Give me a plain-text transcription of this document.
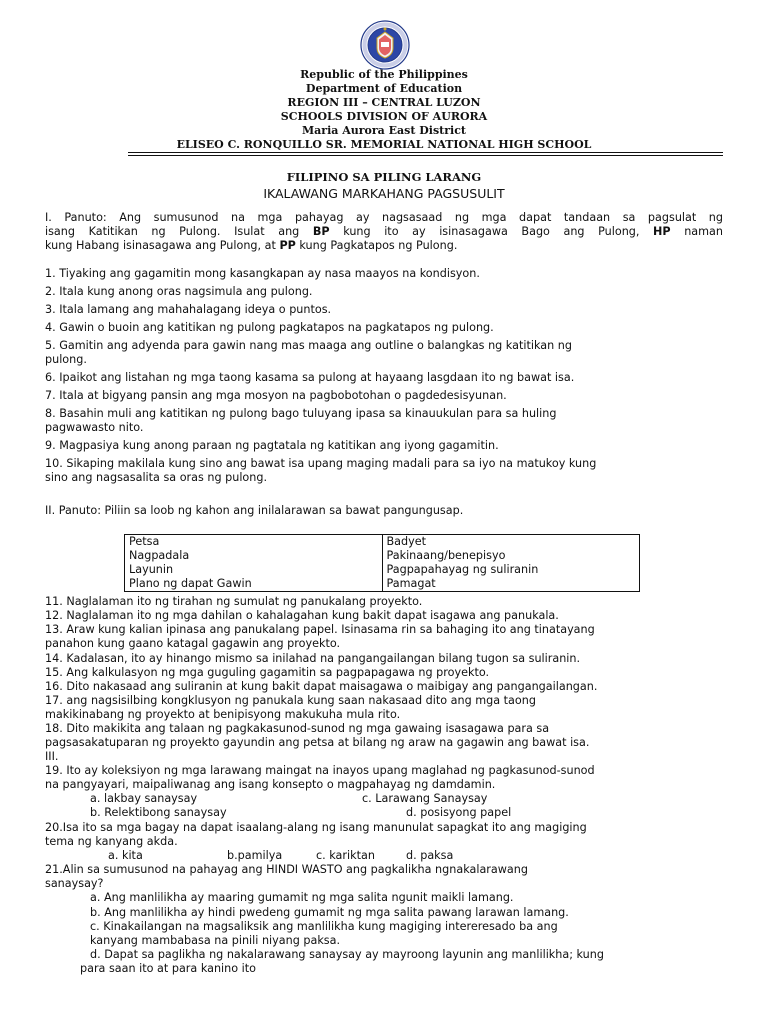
Republic of the Philippines
Department of Education
REGION III – CENTRAL LUZON
SCHOOLS DIVISION OF AURORA
Maria Aurora East District
ELISEO C. RONQUILLO SR. MEMORIAL NATIONAL HIGH SCHOOL
FILIPINO SA PILING LARANG
IKALAWANG MARKAHANG PAGSUSULIT
I. Panuto: Ang sumusunod na mga pahayag ay nagsasaad ng mga dapat tandaan sa pagsulat ng
isang Katitikan ng Pulong. Isulat ang BP kung ito ay isinasagawa Bago ang Pulong, HP naman
kung Habang isinasagawa ang Pulong, at PP kung Pagkatapos ng Pulong.
1. Tiyaking ang gagamitin mong kasangkapan ay nasa maayos na kondisyon.
2. Itala kung anong oras nagsimula ang pulong.
3. Itala lamang ang mahahalagang ideya o puntos.
4. Gawin o buoin ang katitikan ng pulong pagkatapos na pagkatapos ng pulong.
5. Gamitin ang adyenda para gawin nang mas maaga ang outline o balangkas ng katitikan ng
pulong.
6. Ipaikot ang listahan ng mga taong kasama sa pulong at hayaang lasgdaan ito ng bawat isa.
7. Itala at bigyang pansin ang mga mosyon na pagbobotohan o pagdedesisyunan.
8. Basahin muli ang katitikan ng pulong bago tuluyang ipasa sa kinauukulan para sa huling
pagwawasto nito.
9. Magpasiya kung anong paraan ng pagtatala ng katitikan ang iyong gagamitin.
10. Sikaping makilala kung sino ang bawat isa upang maging madali para sa iyo na matukoy kung
sino ang nagsasalita sa oras ng pulong.
II. Panuto: Piliin sa loob ng kahon ang inilalarawan sa bawat pangungusap.
Petsa	Badyet
Nagpadala	Pakinaang/benepisyo
Layunin	Pagpapahayag ng suliranin
Plano ng dapat Gawin	Pamagat
11. Naglalaman ito ng tirahan ng sumulat ng panukalang proyekto.
12. Naglalaman ito ng mga dahilan o kahalagahan kung bakit dapat isagawa ang panukala.
13. Araw kung kalian ipinasa ang panukalang papel. Isinasama rin sa bahaging ito ang tinatayang
panahon kung gaano katagal gagawin ang proyekto.
14. Kadalasan, ito ay hinango mismo sa inilahad na pangangailangan bilang tugon sa suliranin.
15. Ang kalkulasyon ng mga guguling gagamitin sa pagpapagawa ng proyekto.
16. Dito nakasaad ang suliranin at kung bakit dapat maisagawa o maibigay ang pangangailangan.
17. ang nagsisilbing kongklusyon ng panukala kung saan nakasaad dito ang mga taong
makikinabang ng proyekto at benipisyong makukuha mula rito.
18. Dito makikita ang talaan ng pagkakasunod-sunod ng mga gawaing isasagawa para sa
pagsasakatuparan ng proyekto gayundin ang petsa at bilang ng araw na gagawin ang bawat isa.
III.
19. Ito ay koleksiyon ng mga larawang maingat na inayos upang maglahad ng pagkasunod-sunod
na pangyayari, maipaliwanag ang isang konsepto o magpahayag ng damdamin.
a. lakbay sanaysay	c. Larawang Sanaysay
b. Relektibong sanaysay	d. posisyong papel
20.Isa ito sa mga bagay na dapat isaalang-alang ng isang manunulat sapagkat ito ang magiging
tema ng kanyang akda.
a. kita	b.pamilya	c. kariktan	d. paksa
21.Alin sa sumusunod na pahayag ang HINDI WASTO ang pagkalikha ngnakalarawang
sanaysay?
a. Ang manlilikha ay maaring gumamit ng mga salita ngunit maikli lamang.
b. Ang manlilikha ay hindi pwedeng gumamit ng mga salita pawang larawan lamang.
c. Kinakailangan na magsaliksik ang manlilikha kung magiging intereresado ba ang
kanyang mambabasa na pinili niyang paksa.
d. Dapat sa paglikha ng nakalarawang sanaysay ay mayroong layunin ang manlilikha; kung
para saan ito at para kanino ito
